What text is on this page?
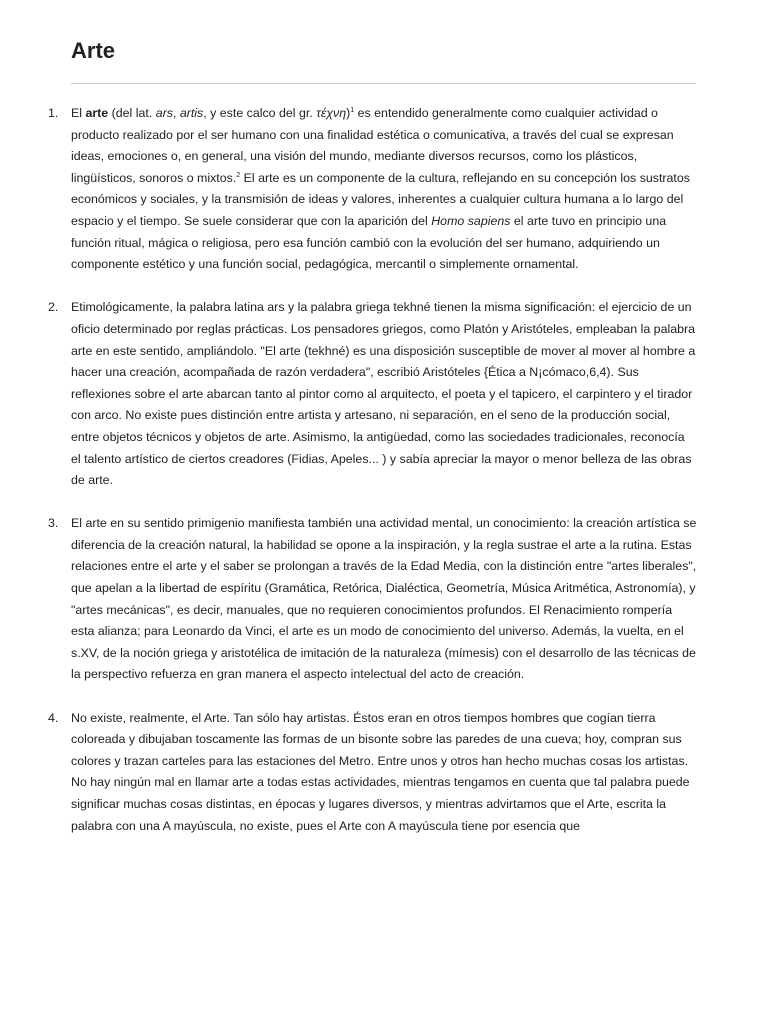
Arte
1. El arte (del lat. ars, artis, y este calco del gr. τέχνη)$^1$ es entendido generalmente como cualquier actividad o producto realizado por el ser humano con una finalidad estética o comunicativa, a través del cual se expresan ideas, emociones o, en general, una visión del mundo, mediante diversos recursos, como los plásticos, lingüísticos, sonoros o mixtos.$^2$ El arte es un componente de la cultura, reflejando en su concepción los sustratos económicos y sociales, y la transmisión de ideas y valores, inherentes a cualquier cultura humana a lo largo del espacio y el tiempo. Se suele considerar que con la aparición del Homo sapiens el arte tuvo en principio una función ritual, mágica o religiosa, pero esa función cambió con la evolución del ser humano, adquiriendo un componente estético y una función social, pedagógica, mercantil o simplemente ornamental.

2. Etimológicamente, la palabra latina ars y la palabra griega tekhné tienen la misma significación: el ejercicio de un oficio determinado por reglas prácticas. Los pensadores griegos, como Platón y Aristóteles, empleaban la palabra arte en este sentido, ampliándolo. "El arte (tekhné) es una disposición susceptible de mover al mover al hombre a hacer una creación, acompañada de razón verdadera", escribió Aristóteles {Ética a N¡cómaco,6,4). Sus reflexiones sobre el arte abarcan tanto al pintor como al arquitecto, el poeta y el tapicero, el carpintero y el tirador con arco. No existe pues distinción entre artista y artesano, ni separación, en el seno de la producción social, entre objetos técnicos y objetos de arte. Asimismo, la antigüedad, como las sociedades tradicionales, reconocía el talento artístico de ciertos creadores (Fidias, Apeles... ) y sabía apreciar la mayor o menor belleza de las obras de arte.

3. El arte en su sentido primigenio manifiesta también una actividad mental, un conocimiento: la creación artística se diferencia de la creación natural, la habilidad se opone a la inspiración, y la regla sustrae el arte a la rutina. Estas relaciones entre el arte y el saber se prolongan a través de la Edad Media, con la distinción entre "artes liberales", que apelan a la libertad de espíritu (Gramática, Retórica, Dialéctica, Geometría, Música Aritmética, Astronomía), y "artes mecánicas", es decir, manuales, que no requieren conocimientos profundos. El Renacimiento rompería esta alianza; para Leonardo da Vinci, el arte es un modo de conocimiento del universo. Además, la vuelta, en el s.XV, de la noción griega y aristotélica de imitación de la naturaleza (mímesis) con el desarrollo de las técnicas de la perspectivo refuerza en gran manera el aspecto intelectual del acto de creación.

4. No existe, realmente, el Arte. Tan sólo hay artistas. Éstos eran en otros tiempos hombres que cogían tierra coloreada y dibujaban toscamente las formas de un bisonte sobre las paredes de una cueva; hoy, compran sus colores y trazan carteles para las estaciones del Metro. Entre unos y otros han hecho muchas cosas los artistas. No hay ningún mal en llamar arte a todas estas actividades, mientras tengamos en cuenta que tal palabra puede significar muchas cosas distintas, en épocas y lugares diversos, y mientras advirtamos que el Arte, escrita la palabra con una A mayúscula, no existe, pues el Arte con A mayúscula tiene por esencia que
